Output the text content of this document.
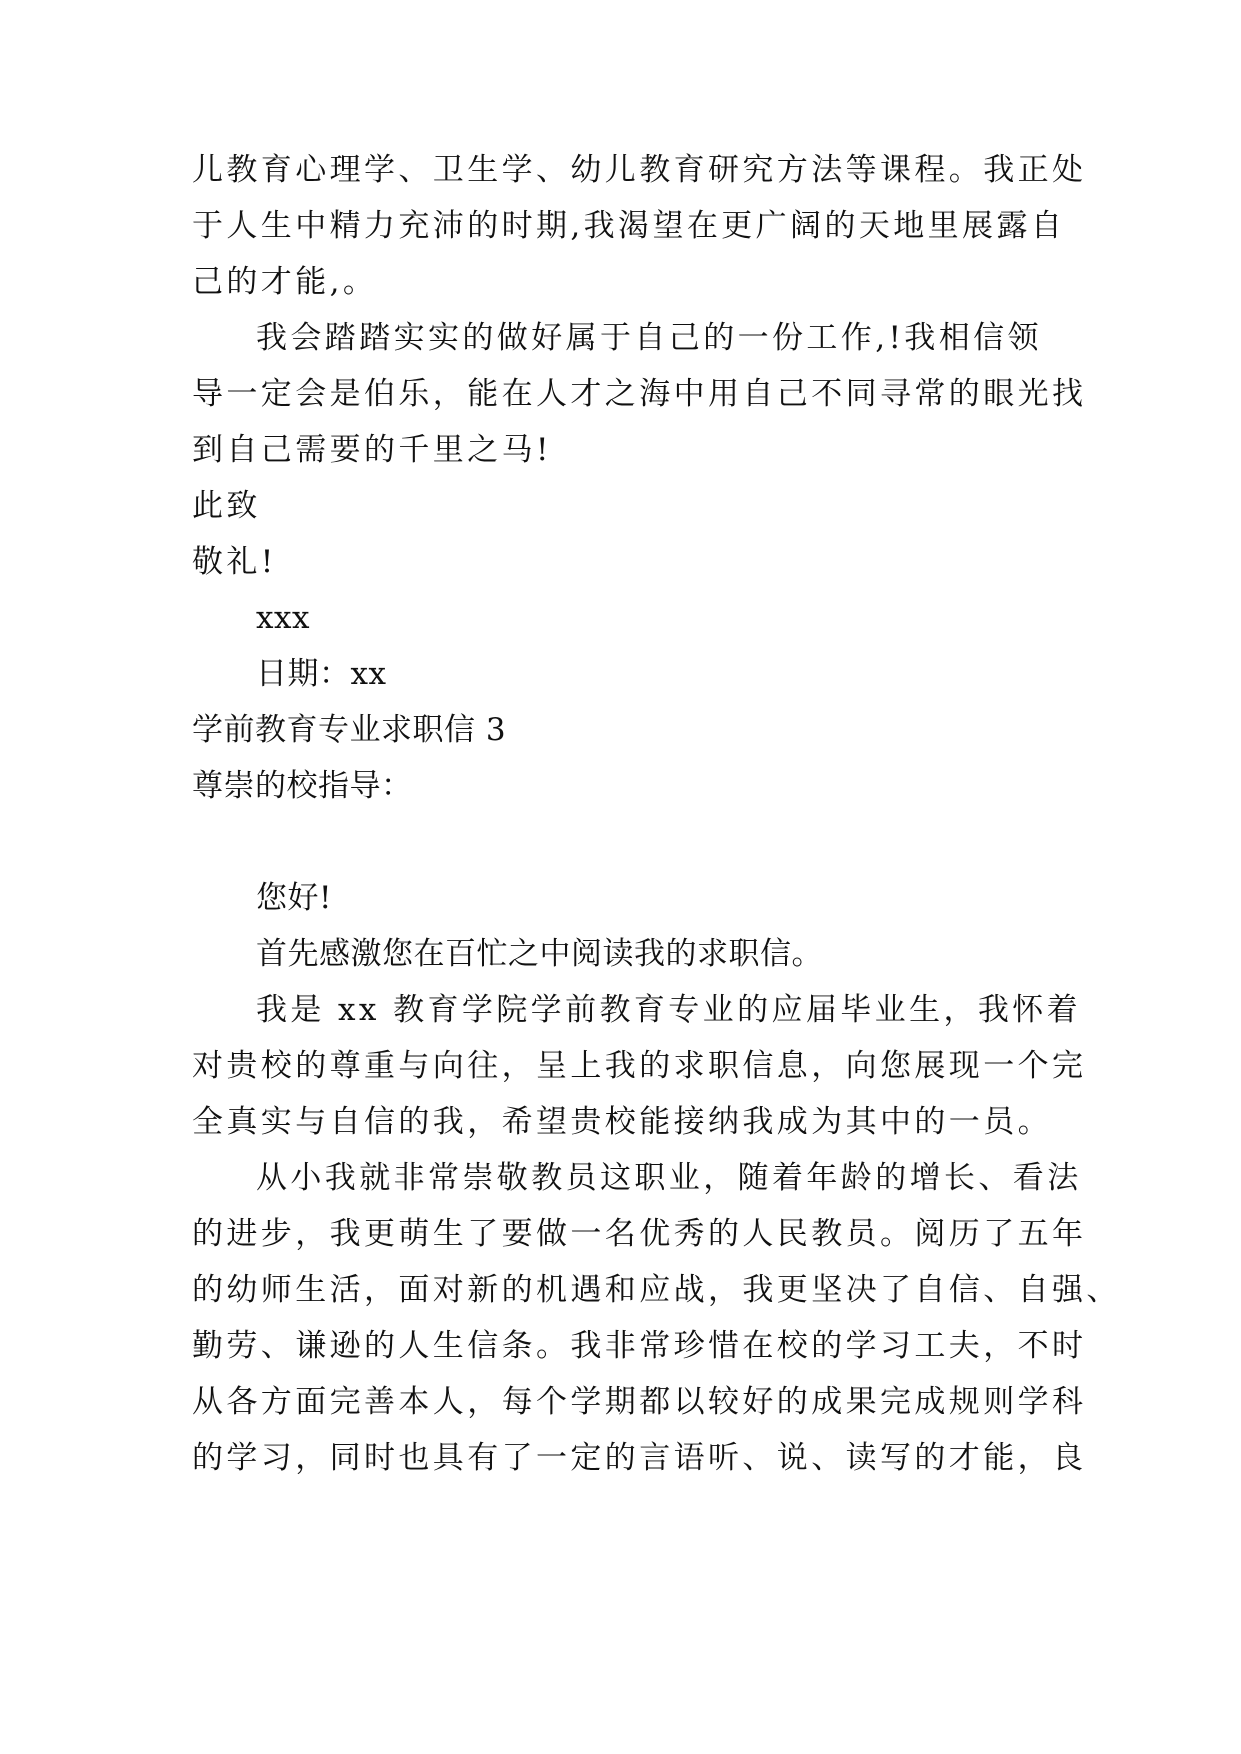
儿教育心理学、卫生学、幼儿教育研究方法等课程。我正处
于人生中精力充沛的时期,我渴望在更广阔的天地里展露自
己的才能,。
我会踏踏实实的做好属于自己的一份工作,!我相信领
导一定会是伯乐，能在人才之海中用自己不同寻常的眼光找
到自己需要的千里之马!
此致
敬礼!
xxx
日期：xx
学前教育专业求职信 3
尊崇的校指导：
您好!
首先感激您在百忙之中阅读我的求职信。
我是 xx 教育学院学前教育专业的应届毕业生，我怀着
对贵校的尊重与向往，呈上我的求职信息，向您展现一个完
全真实与自信的我，希望贵校能接纳我成为其中的一员。
从小我就非常崇敬教员这职业，随着年龄的增长、看法
的进步，我更萌生了要做一名优秀的人民教员。阅历了五年
的幼师生活，面对新的机遇和应战，我更坚决了自信、自强、
勤劳、谦逊的人生信条。我非常珍惜在校的学习工夫，不时
从各方面完善本人，每个学期都以较好的成果完成规则学科
的学习，同时也具有了一定的言语听、说、读写的才能，良
